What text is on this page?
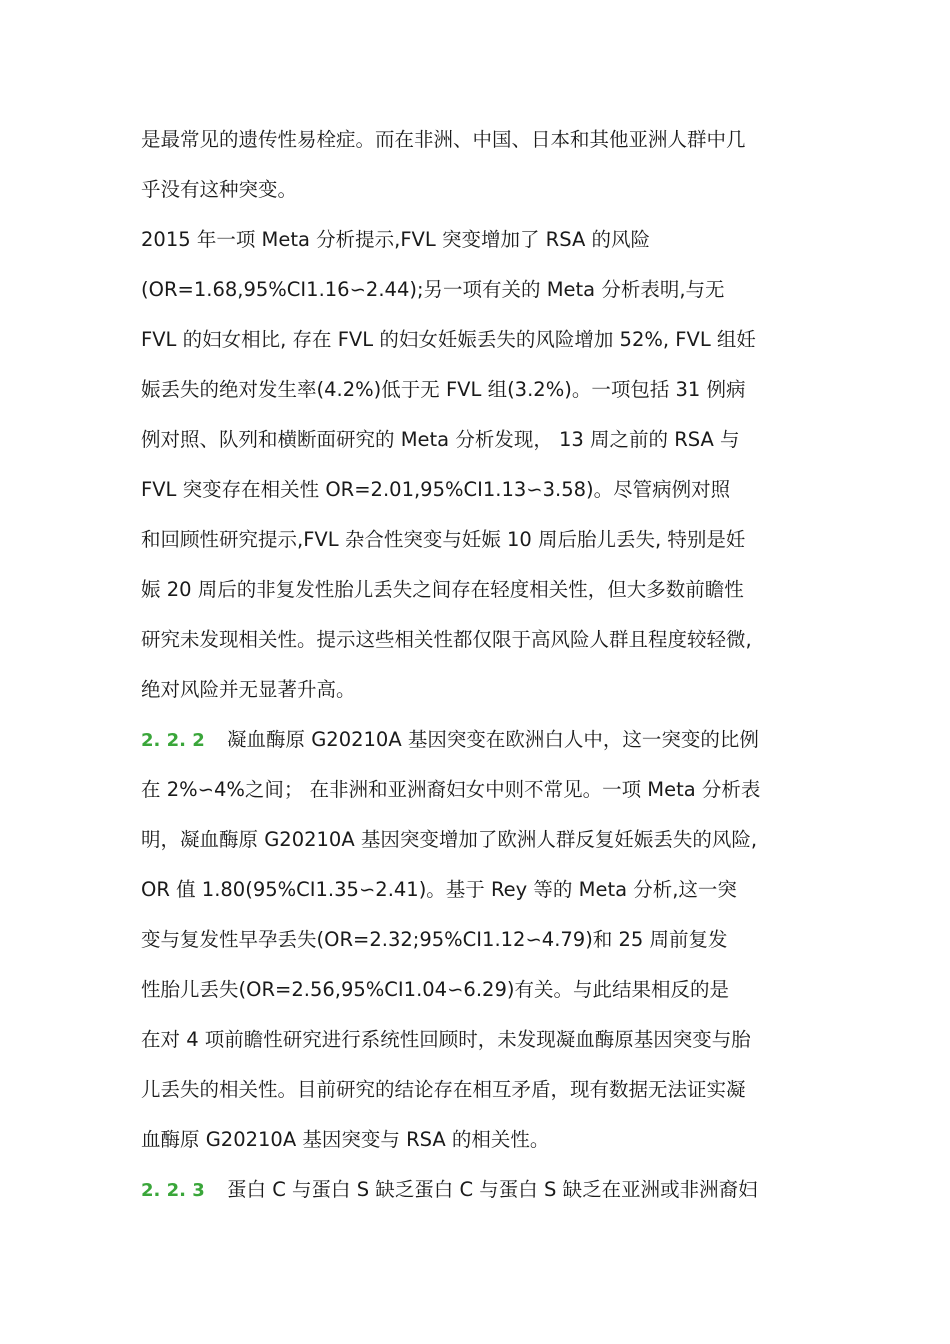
是最常见的遗传性易栓症。而在非洲、中国、日本和其他亚洲人群中几
乎没有这种突变。
2015 年一项 Meta 分析提示,FVL 突变增加了 RSA 的风险
(OR=1.68,95%CI1.16∽2.44);另一项有关的 Meta 分析表明,与无
FVL 的妇女相比, 存在 FVL 的妇女妊娠丢失的风险增加 52%, FVL 组妊
娠丢失的绝对发生率(4.2%)低于无 FVL 组(3.2%)。一项包括 31 例病
例对照、队列和横断面研究的 Meta 分析发现， 13 周之前的 RSA 与
FVL 突变存在相关性 OR=2.01,95%CI1.13∽3.58)。尽管病例对照
和回顾性研究提示,FVL 杂合性突变与妊娠 10 周后胎儿丢失, 特别是妊
娠 20 周后的非复发性胎儿丢失之间存在轻度相关性，但大多数前瞻性
研究未发现相关性。提示这些相关性都仅限于高风险人群且程度较轻微,
绝对风险并无显著升高。
2. 2. 2 凝血酶原 G20210A 基因突变在欧洲白人中，这一突变的比例
在 2%∽4%之间； 在非洲和亚洲裔妇女中则不常见。一项 Meta 分析表
明，凝血酶原 G20210A 基因突变增加了欧洲人群反复妊娠丢失的风险,
OR 值 1.80(95%CI1.35∽2.41)。基于 Rey 等的 Meta 分析,这一突
变与复发性早孕丢失(OR=2.32;95%CI1.12∽4.79)和 25 周前复发
性胎儿丢失(OR=2.56,95%CI1.04∽6.29)有关。与此结果相反的是
在对 4 项前瞻性研究进行系统性回顾时，未发现凝血酶原基因突变与胎
儿丢失的相关性。目前研究的结论存在相互矛盾，现有数据无法证实凝
血酶原 G20210A 基因突变与 RSA 的相关性。
2. 2. 3 蛋白 C 与蛋白 S 缺乏蛋白 C 与蛋白 S 缺乏在亚洲或非洲裔妇
